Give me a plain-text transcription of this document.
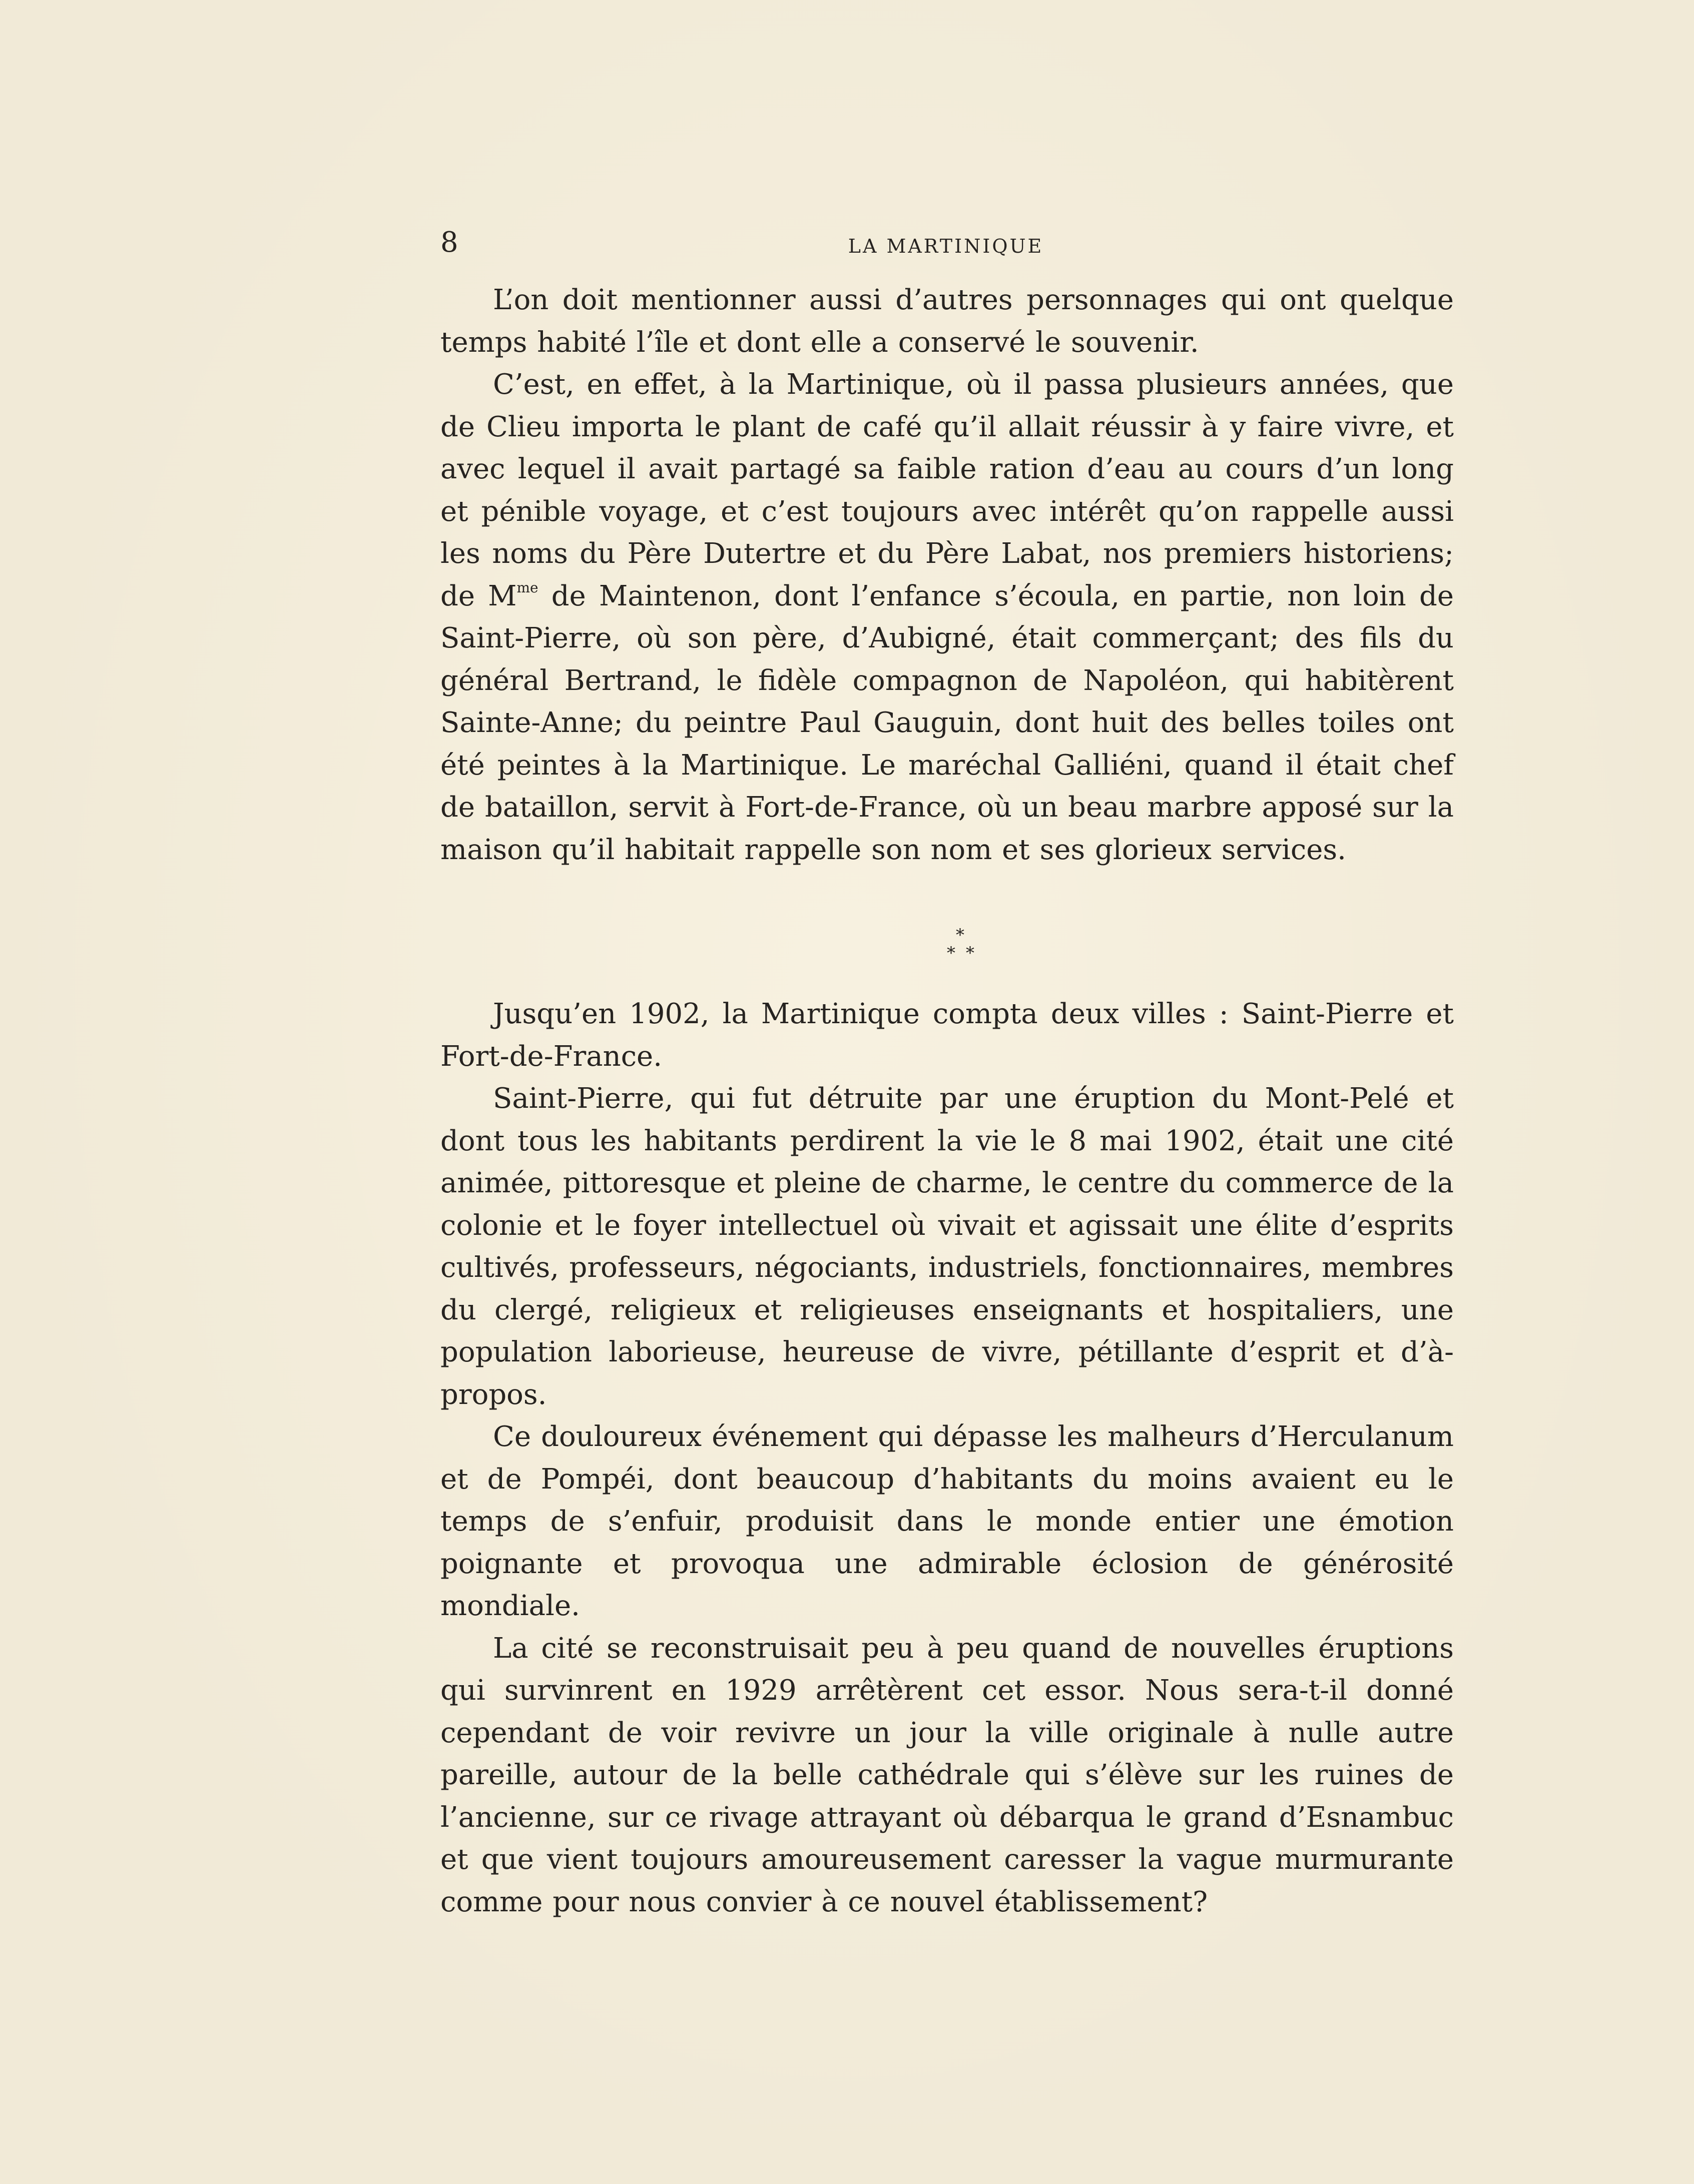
8	LA MARTINIQUE

L’on doit mentionner aussi d’autres personnages qui ont quelque temps habité l’île et dont elle a conservé le souvenir.

C’est, en effet, à la Martinique, où il passa plusieurs années, que de Clieu importa le plant de café qu’il allait réussir à y faire vivre, et avec lequel il avait partagé sa faible ration d’eau au cours d’un long et pénible voyage, et c’est toujours avec intérêt qu’on rappelle aussi les noms du Père Dutertre et du Père Labat, nos premiers historiens; de $M^{me}$ de Maintenon, dont l’enfance s’écoula, en partie, non loin de Saint-Pierre, où son père, d’Aubigné, était commerçant; des fils du général Bertrand, le fidèle compagnon de Napoléon, qui habitèrent Sainte-Anne; du peintre Paul Gauguin, dont huit des belles toiles ont été peintes à la Martinique. Le maréchal Galliéni, quand il était chef de bataillon, servit à Fort-de-France, où un beau marbre apposé sur la maison qu’il habitait rappelle son nom et ses glorieux services.

*
* *

Jusqu’en 1902, la Martinique compta deux villes : Saint-Pierre et Fort-de-France.

Saint-Pierre, qui fut détruite par une éruption du Mont-Pelé et dont tous les habitants perdirent la vie le 8 mai 1902, était une cité animée, pittoresque et pleine de charme, le centre du commerce de la colonie et le foyer intellectuel où vivait et agissait une élite d’esprits cultivés, professeurs, négociants, industriels, fonctionnaires, membres du clergé, religieux et religieuses enseignants et hospitaliers, une population laborieuse, heureuse de vivre, pétillante d’esprit et d’à-propos.

Ce douloureux événement qui dépasse les malheurs d’Herculanum et de Pompéi, dont beaucoup d’habitants du moins avaient eu le temps de s’enfuir, produisit dans le monde entier une émotion poignante et provoqua une admirable éclosion de générosité mondiale.

La cité se reconstruisait peu à peu quand de nouvelles éruptions qui survinrent en 1929 arrêtèrent cet essor. Nous sera-t-il donné cependant de voir revivre un jour la ville originale à nulle autre pareille, autour de la belle cathédrale qui s’élève sur les ruines de l’ancienne, sur ce rivage attrayant où débarqua le grand d’Esnambuc et que vient toujours amoureusement caresser la vague murmurante comme pour nous convier à ce nouvel établissement?
